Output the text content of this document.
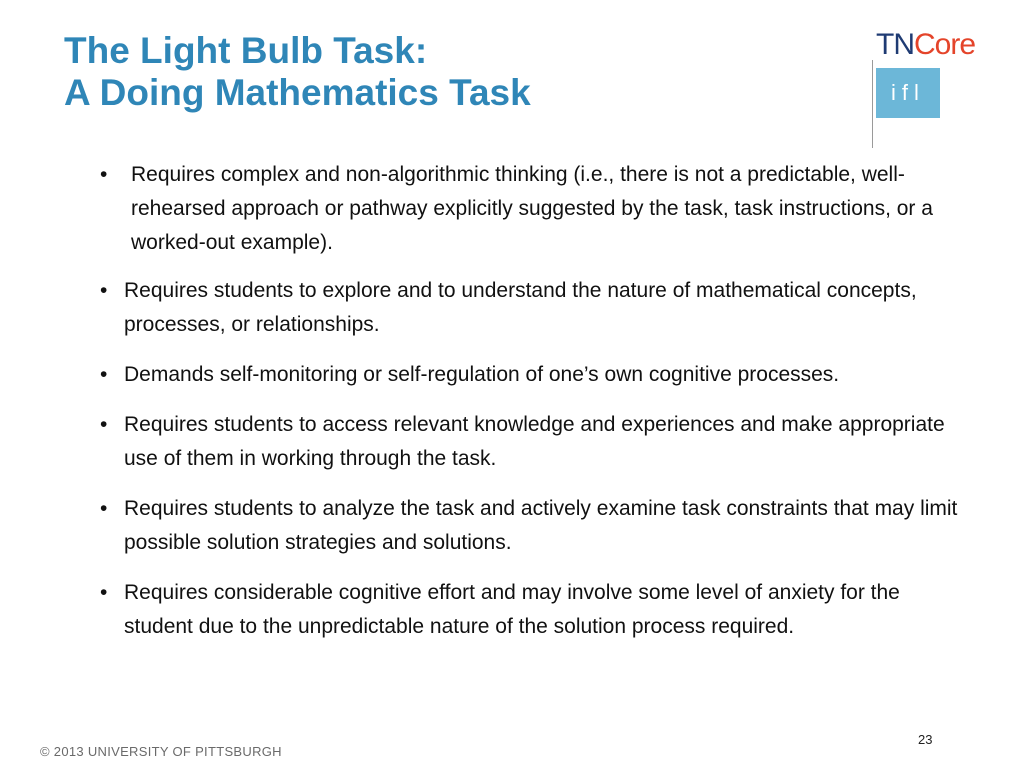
The Light Bulb Task:
A Doing Mathematics Task
TNCore
ifl
• Requires complex and non-algorithmic thinking (i.e., there is not a predictable, well-rehearsed approach or pathway explicitly suggested by the task, task instructions, or a worked-out example).
• Requires students to explore and to understand the nature of mathematical concepts, processes, or relationships.
• Demands self-monitoring or self-regulation of one’s own cognitive processes.
• Requires students to access relevant knowledge and experiences and make appropriate use of them in working through the task.
• Requires students to analyze the task and actively examine task constraints that may limit possible solution strategies and solutions.
• Requires considerable cognitive effort and may involve some level of anxiety for the student due to the unpredictable nature of the solution process required.
© 2013 UNIVERSITY OF PITTSBURGH
23
